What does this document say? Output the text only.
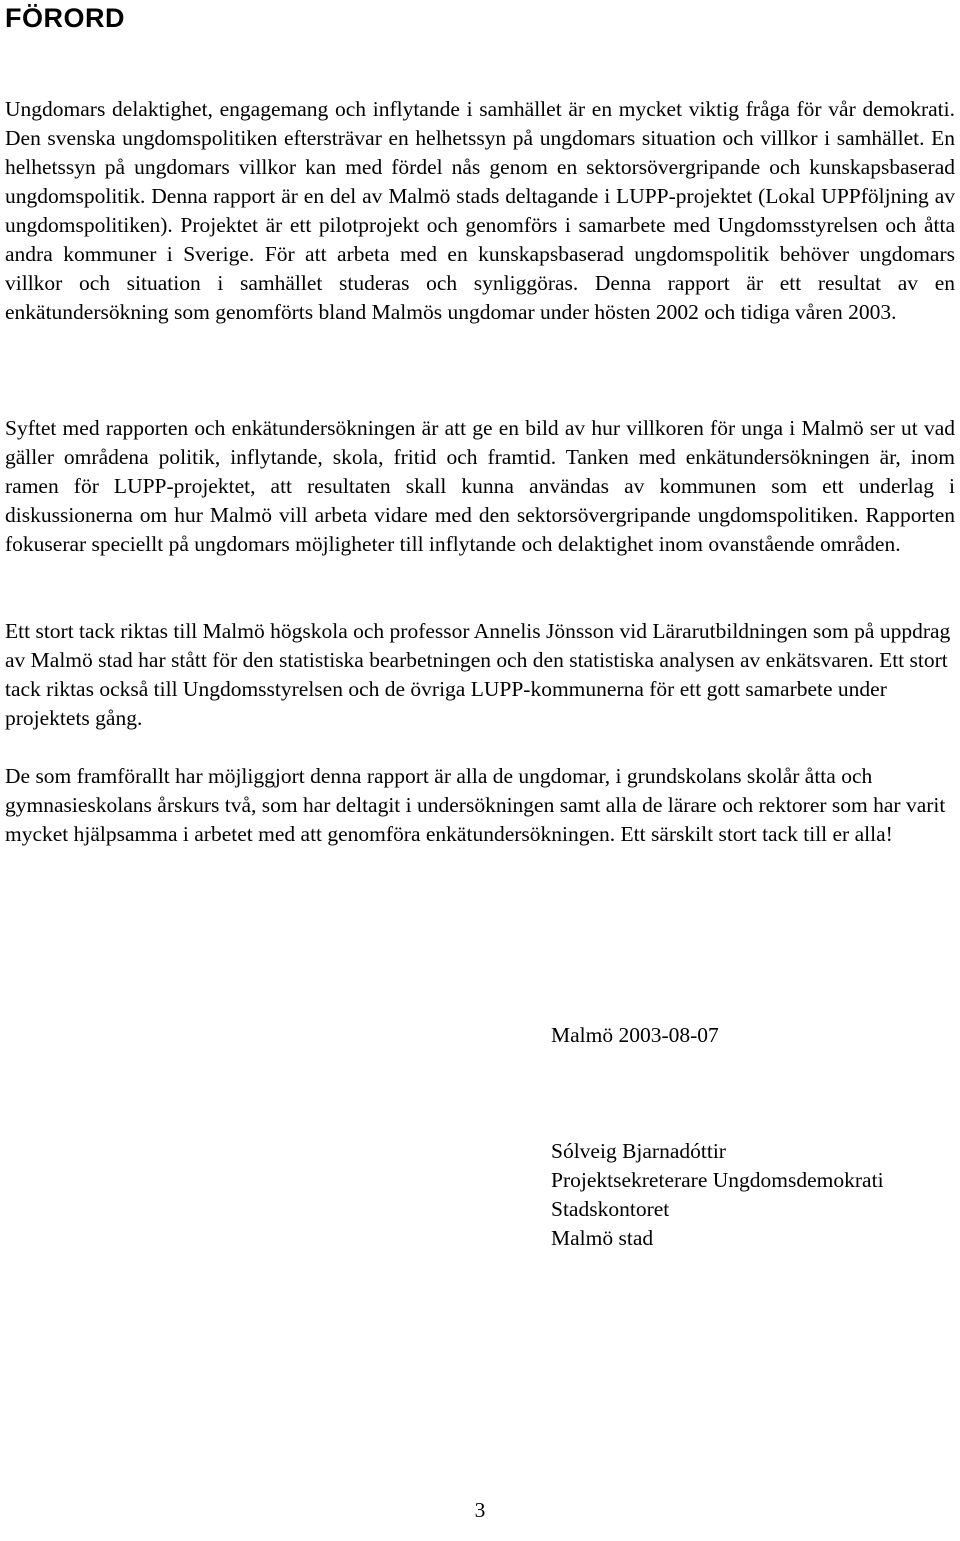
FÖRORD

Ungdomars delaktighet, engagemang och inflytande i samhället är en mycket viktig fråga för vår demokrati. Den svenska ungdomspolitiken eftersträvar en helhetssyn på ungdomars situation och villkor i samhället. En helhetssyn på ungdomars villkor kan med fördel nås genom en sektorsövergripande och kunskapsbaserad ungdomspolitik. Denna rapport är en del av Malmö stads deltagande i LUPP-projektet (Lokal UPPföljning av ungdomspolitiken). Projektet är ett pilotprojekt och genomförs i samarbete med Ungdomsstyrelsen och åtta andra kommuner i Sverige. För att arbeta med en kunskapsbaserad ungdomspolitik behöver ungdomars villkor och situation i samhället studeras och synliggöras. Denna rapport är ett resultat av en enkätundersökning som genomförts bland Malmös ungdomar under hösten 2002 och tidiga våren 2003.

Syftet med rapporten och enkätundersökningen är att ge en bild av hur villkoren för unga i Malmö ser ut vad gäller områdena politik, inflytande, skola, fritid och framtid. Tanken med enkätundersökningen är, inom ramen för LUPP-projektet, att resultaten skall kunna användas av kommunen som ett underlag i diskussionerna om hur Malmö vill arbeta vidare med den sektorsövergripande ungdomspolitiken. Rapporten fokuserar speciellt på ungdomars möjligheter till inflytande och delaktighet inom ovanstående områden.

Ett stort tack riktas till Malmö högskola och professor Annelis Jönsson vid Lärarutbildningen som på uppdrag av Malmö stad har stått för den statistiska bearbetningen och den statistiska analysen av enkätsvaren. Ett stort tack riktas också till Ungdomsstyrelsen och de övriga LUPP-kommunerna för ett gott samarbete under projektets gång.

De som framförallt har möjliggjort denna rapport är alla de ungdomar, i grundskolans skolår åtta och gymnasieskolans årskurs två, som har deltagit i undersökningen samt alla de lärare och rektorer som har varit mycket hjälpsamma i arbetet med att genomföra enkätundersökningen. Ett särskilt stort tack till er alla!

Malmö 2003-08-07
Sólveig Bjarnadóttir
Projektsekreterare Ungdomsdemokrati
Stadskontoret
Malmö stad
3
